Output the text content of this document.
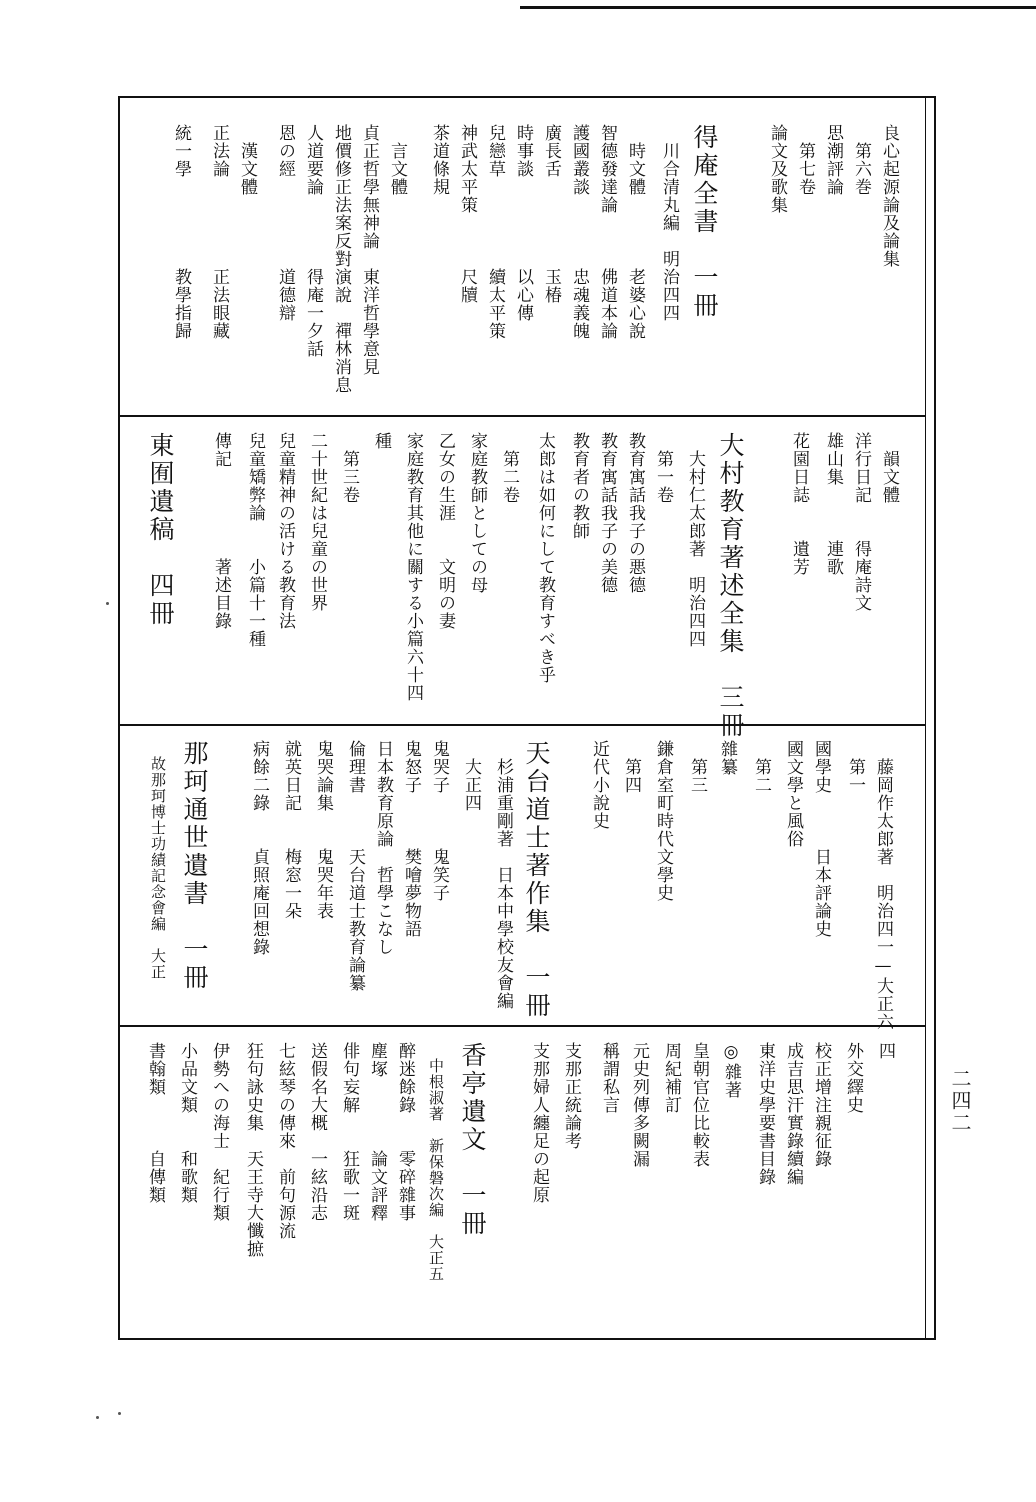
二四二
良心起源論及論集
　第六巻
思潮評論
　第七卷
論文及歌集
得庵全書　一冊
　川合清丸編　明治四四
　時文體　　　　老婆心說
智德發達論　　　佛道本論
護國叢談　　　　忠魂義魄
廣長舌　　　　　玉椿
時事談　　　　　以心傳
兒戀草　　　　　續太平策
神武太平策　　　尺牘
茶道條規
　言文體
貞正哲學無神論　東洋哲學意見
地價修正法案反對演說　禪林消息
人道要論　　　　得庵一夕話
恩の經　　　　　道德辯
　漢文體
正法論　　　　　正法眼藏
統一學　　　　　教學指歸
　韻文體
洋行日記　　得庵詩文
雄山集　　　連歌
花園日誌　　遺芳
大村教育著述全集　三冊
　大村仁太郎著　明治四四
　第一卷
教育寓話我子の悪德
教育寓話我子の美德
教育者の教師
太郎は如何にして教育すべき乎
　第二卷
家庭教師としての母
乙女の生涯　　文明の妻
家庭教育其他に關する小篇六十四
種
　第三卷
二十世紀は兒童の世界
兒童精神の活ける教育法
兒童矯弊論　　小篇十一種
傳記　　　　　著述目錄
東囿遺稿　四冊
　藤岡作太郎著　明治四一—大正六
　第一
國學史　　　日本評論史
國文學と風俗
　第二
雜纂
　第三
鎌倉室町時代文學史
　第四
近代小說史
天台道士著作集　一冊
　杉浦重剛著　日本中學校友會編
　大正四
鬼哭子　　　鬼笑子
鬼怒子　　　樊噲夢物語
日本教育原論　哲學こなし
倫理書　　　天台道士教育論纂
鬼哭論集　　鬼哭年表
就英日記　　梅窓一朵
病餘二錄　　貞照庵回想錄
那珂通世遺書　一冊
　故那珂博士功績記念會編　大正
四
外交繹史
校正增注親征錄
成吉思汗實錄續編
東洋史學要書目錄
◎雜著
皇朝官位比較表
周紀補訂
元史列傳多闕漏
稱謂私言
支那正統論考
支那婦人纏足の起原
香亭遺文　一冊
　中根淑著　新保磐次編　大正五
醉迷餘錄　　零碎雜事
塵塚　　　　論文評釋
俳句妄解　　狂歌一斑
送假名大概　一絃沿志
七絃琴の傳來　前句源流
狂句詠史集　天王寺大懺摭
伊勢への海士　紀行類
小品文類　　和歌類
書翰類　　　自傳類
